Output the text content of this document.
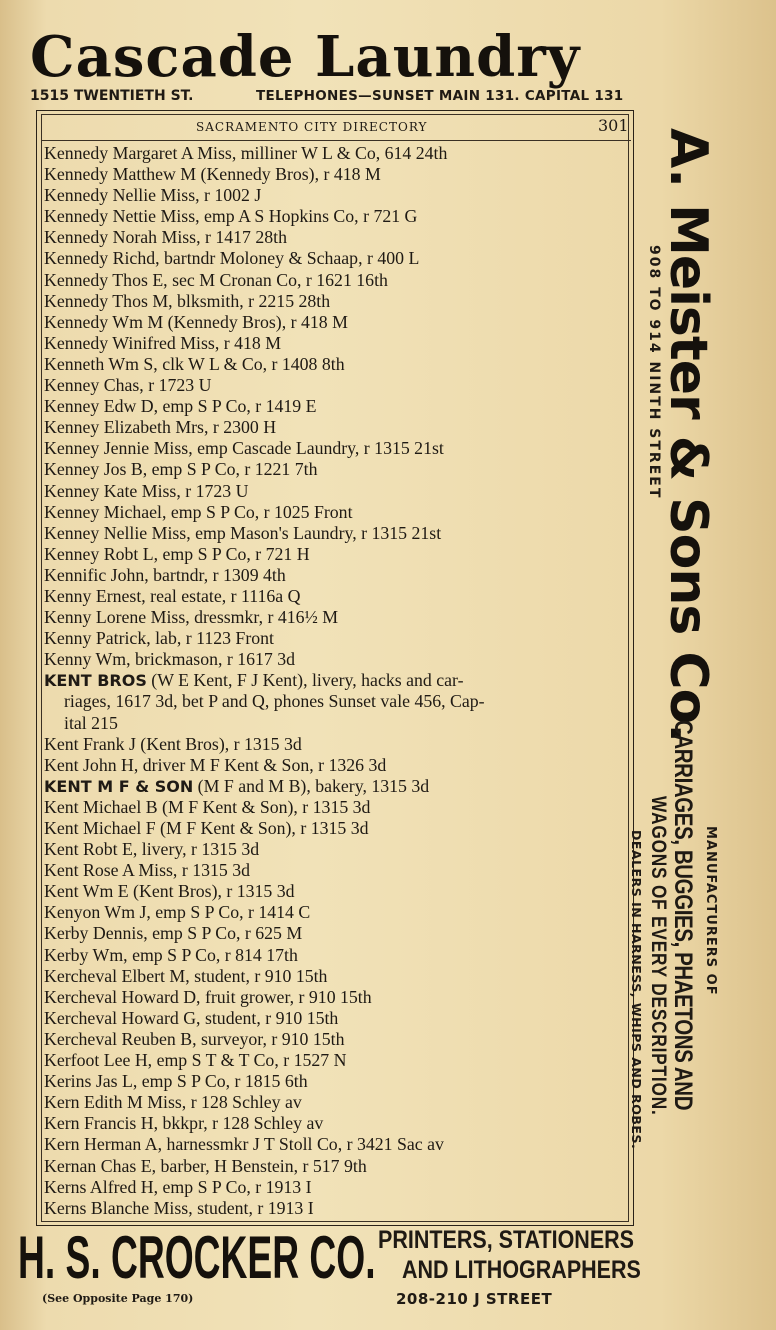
Cascade Laundry
1515 TWENTIETH ST.	TELEPHONES—SUNSET MAIN 131. CAPITAL 131
SACRAMENTO CITY DIRECTORY	301
Kennedy Margaret A Miss, milliner W L & Co, 614 24th
Kennedy Matthew M (Kennedy Bros), r 418 M
Kennedy Nellie Miss, r 1002 J
Kennedy Nettie Miss, emp A S Hopkins Co, r 721 G
Kennedy Norah Miss, r 1417 28th
Kennedy Richd, bartndr Moloney & Schaap, r 400 L
Kennedy Thos E, sec M Cronan Co, r 1621 16th
Kennedy Thos M, blksmith, r 2215 28th
Kennedy Wm M (Kennedy Bros), r 418 M
Kennedy Winifred Miss, r 418 M
Kenneth Wm S, clk W L & Co, r 1408 8th
Kenney Chas, r 1723 U
Kenney Edw D, emp S P Co, r 1419 E
Kenney Elizabeth Mrs, r 2300 H
Kenney Jennie Miss, emp Cascade Laundry, r 1315 21st
Kenney Jos B, emp S P Co, r 1221 7th
Kenney Kate Miss, r 1723 U
Kenney Michael, emp S P Co, r 1025 Front
Kenney Nellie Miss, emp Mason's Laundry, r 1315 21st
Kenney Robt L, emp S P Co, r 721 H
Kennific John, bartndr, r 1309 4th
Kenny Ernest, real estate, r 1116a Q
Kenny Lorene Miss, dressmkr, r 416½ M
Kenny Patrick, lab, r 1123 Front
Kenny Wm, brickmason, r 1617 3d
KENT BROS (W E Kent, F J Kent), livery, hacks and car-
riages, 1617 3d, bet P and Q, phones Sunset vale 456, Cap-
ital 215
Kent Frank J (Kent Bros), r 1315 3d
Kent John H, driver M F Kent & Son, r 1326 3d
KENT M F & SON (M F and M B), bakery, 1315 3d
Kent Michael B (M F Kent & Son), r 1315 3d
Kent Michael F (M F Kent & Son), r 1315 3d
Kent Robt E, livery, r 1315 3d
Kent Rose A Miss, r 1315 3d
Kent Wm E (Kent Bros), r 1315 3d
Kenyon Wm J, emp S P Co, r 1414 C
Kerby Dennis, emp S P Co, r 625 M
Kerby Wm, emp S P Co, r 814 17th
Kercheval Elbert M, student, r 910 15th
Kercheval Howard D, fruit grower, r 910 15th
Kercheval Howard G, student, r 910 15th
Kercheval Reuben B, surveyor, r 910 15th
Kerfoot Lee H, emp S T & T Co, r 1527 N
Kerins Jas L, emp S P Co, r 1815 6th
Kern Edith M Miss, r 128 Schley av
Kern Francis H, bkkpr, r 128 Schley av
Kern Herman A, harnessmkr J T Stoll Co, r 3421 Sac av
Kernan Chas E, barber, H Benstein, r 517 9th
Kerns Alfred H, emp S P Co, r 1913 I
Kerns Blanche Miss, student, r 1913 I
A. Meister & Sons Co.
908 TO 914 NINTH STREET
MANUFACTURERS OF
CARRIAGES, BUGGIES, PHAETONS AND
WAGONS OF EVERY DESCRIPTION.
DEALERS IN HARNESS, WHIPS AND ROBES.
H. S. CROCKER CO. PRINTERS, STATIONERS
AND LITHOGRAPHERS
(See Opposite Page 170)	208-210 J STREET
